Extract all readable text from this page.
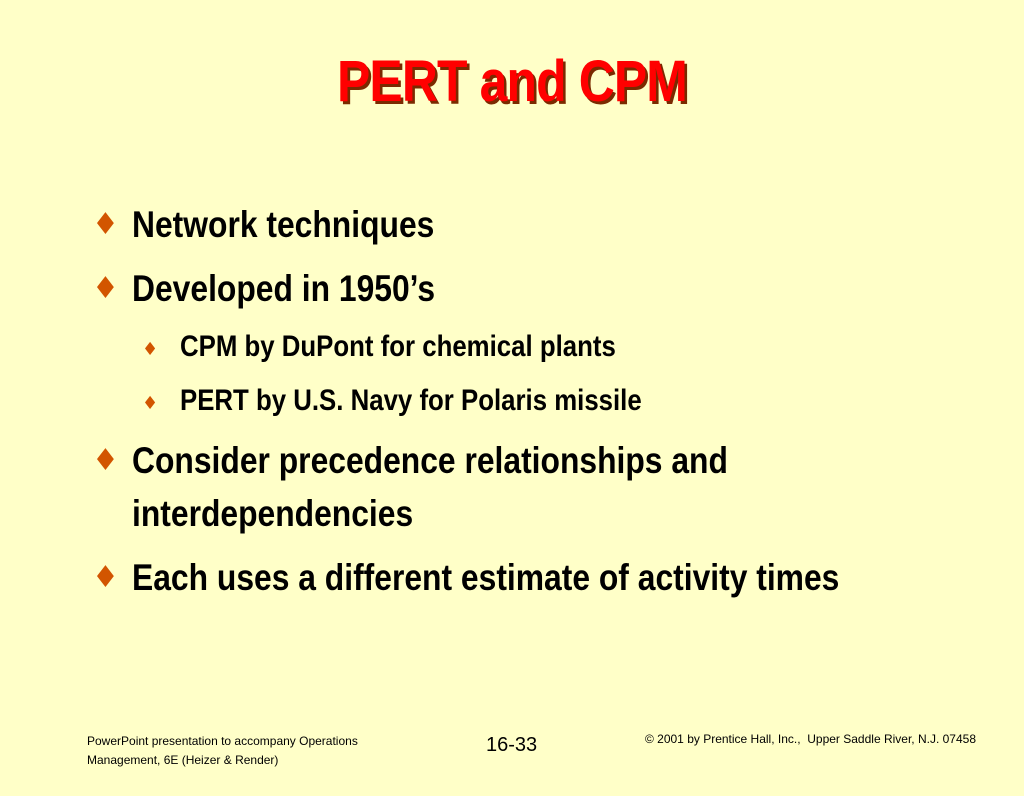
PERT and CPM
♦ Network techniques
♦ Developed in 1950’s
♦ CPM by DuPont for chemical plants
♦ PERT by U.S. Navy for Polaris missile
♦ Consider precedence relationships and interdependencies
♦ Each uses a different estimate of activity times
PowerPoint presentation to accompany Operations
Management, 6E (Heizer & Render)
16-33	© 2001 by Prentice Hall, Inc.,  Upper Saddle River, N.J. 07458
